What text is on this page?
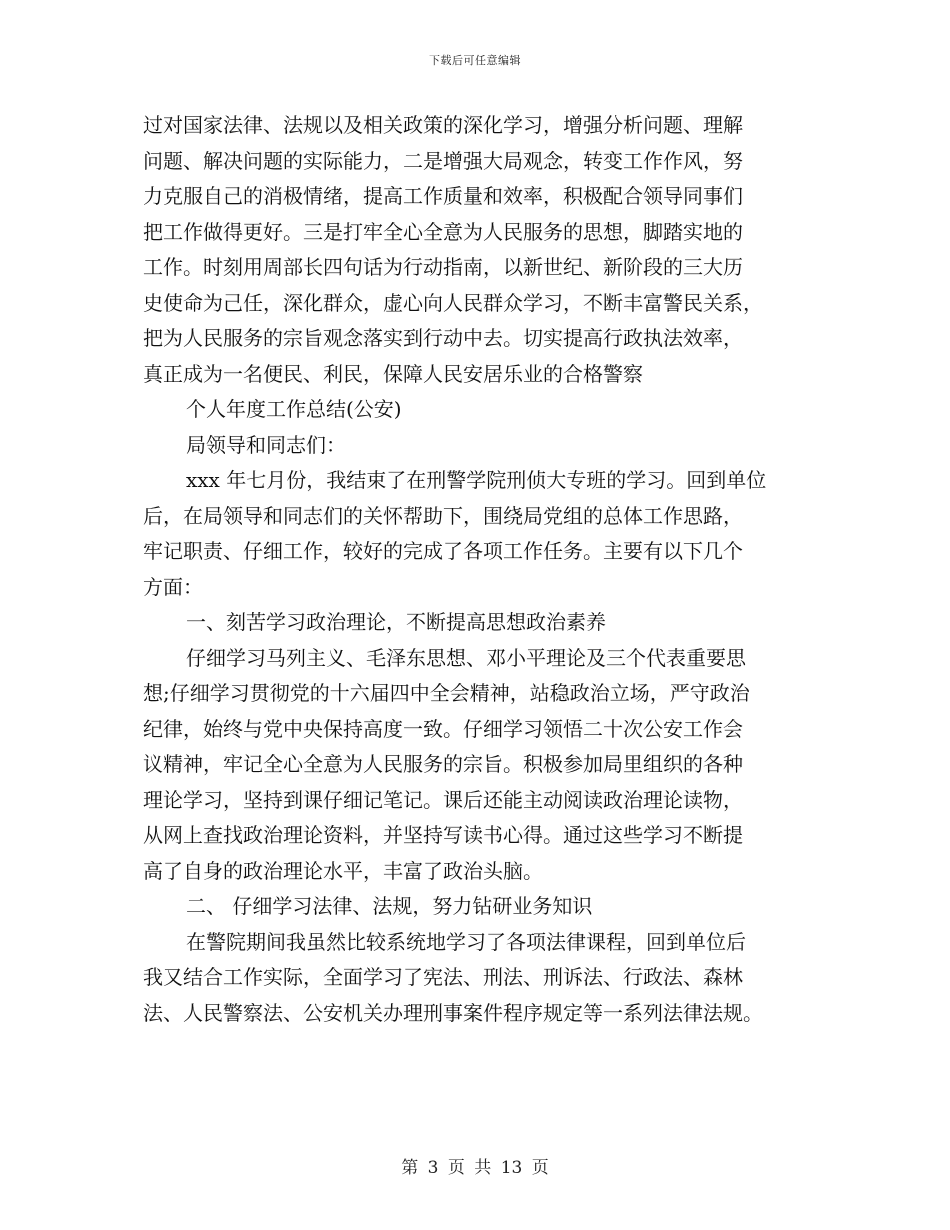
下载后可任意编辑

过对国家法律、法规以及相关政策的深化学习，增强分析问题、理解

问题、解决问题的实际能力，二是增强大局观念，转变工作作风，努

力克服自己的消极情绪，提高工作质量和效率，积极配合领导同事们

把工作做得更好。三是打牢全心全意为人民服务的思想，脚踏实地的

工作。时刻用周部长四句话为行动指南，以新世纪、新阶段的三大历

史使命为己任，深化群众，虚心向人民群众学习，不断丰富警民关系，

把为人民服务的宗旨观念落实到行动中去。切实提高行政执法效率，

真正成为一名便民、利民，保障人民安居乐业的合格警察

个人年度工作总结(公安)

局领导和同志们：

xxx 年七月份，我结束了在刑警学院刑侦大专班的学习。回到单位

后，在局领导和同志们的关怀帮助下，围绕局党组的总体工作思路，

牢记职责、仔细工作，较好的完成了各项工作任务。主要有以下几个

方面：

一、刻苦学习政治理论，不断提高思想政治素养

仔细学习马列主义、毛泽东思想、邓小平理论及三个代表重要思

想;仔细学习贯彻党的十六届四中全会精神，站稳政治立场，严守政治

纪律，始终与党中央保持高度一致。仔细学习领悟二十次公安工作会

议精神，牢记全心全意为人民服务的宗旨。积极参加局里组织的各种

理论学习，坚持到课仔细记笔记。课后还能主动阅读政治理论读物，

从网上查找政治理论资料，并坚持写读书心得。通过这些学习不断提

高了自身的政治理论水平，丰富了政治头脑。

二、 仔细学习法律、法规，努力钻研业务知识

在警院期间我虽然比较系统地学习了各项法律课程，回到单位后

我又结合工作实际，全面学习了宪法、刑法、刑诉法、行政法、森林

法、人民警察法、公安机关办理刑事案件程序规定等一系列法律法规。

第 3 页 共 13 页
